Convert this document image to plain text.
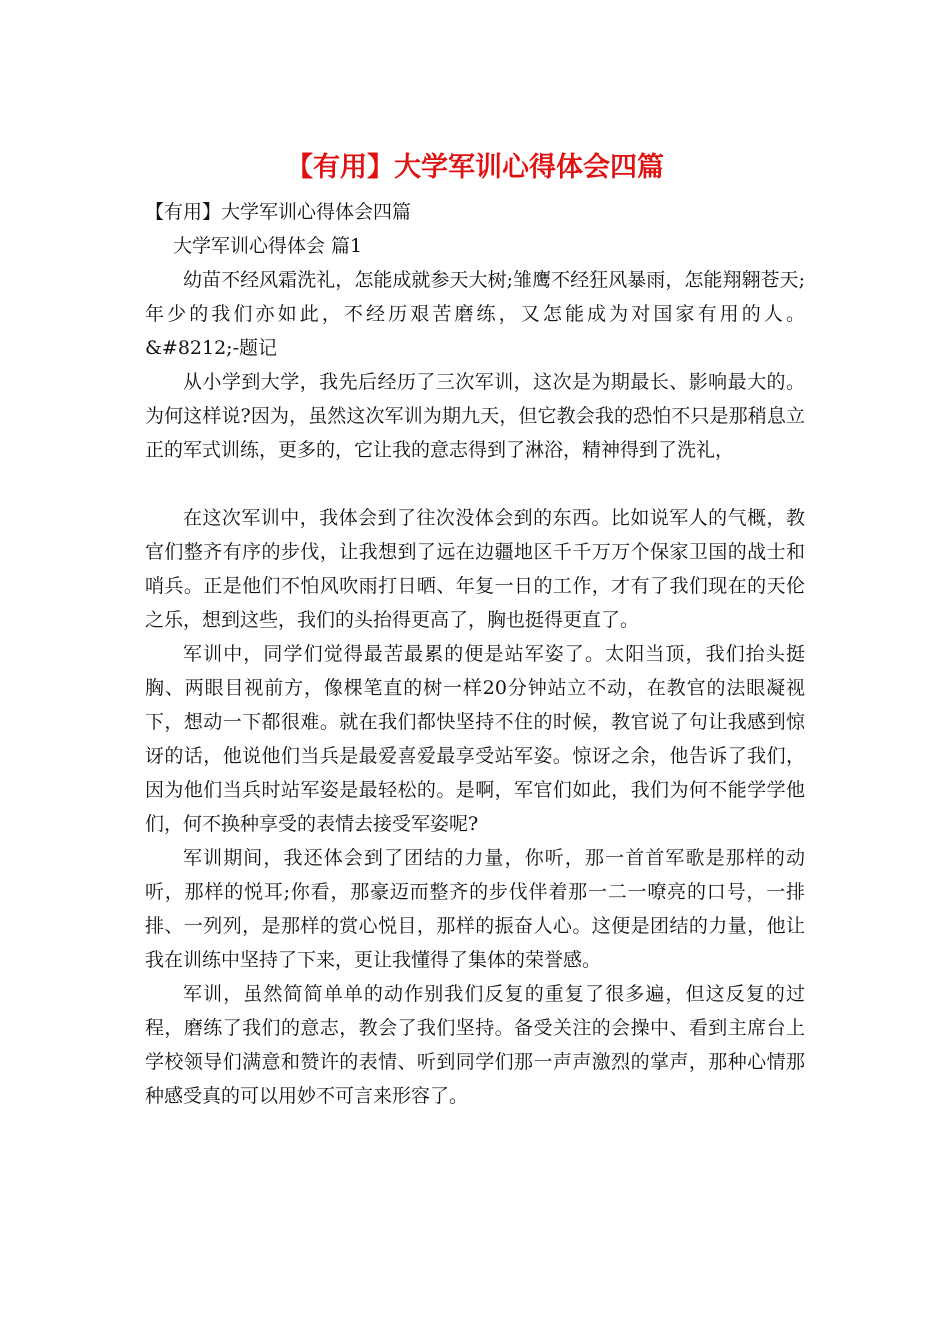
【有用】大学军训心得体会四篇

【有用】大学军训心得体会四篇

大学军训心得体会 篇1

幼苗不经风霜洗礼，怎能成就参天大树;雏鹰不经狂风暴雨，怎能翔翱苍天;年少的我们亦如此，不经历艰苦磨练，又怎能成为对国家有用的人。&#8212;-题记

从小学到大学，我先后经历了三次军训，这次是为期最长、影响最大的。为何这样说?因为，虽然这次军训为期九天，但它教会我的恐怕不只是那稍息立正的军式训练，更多的，它让我的意志得到了淋浴，精神得到了洗礼，

在这次军训中，我体会到了往次没体会到的东西。比如说军人的气概，教官们整齐有序的步伐，让我想到了远在边疆地区千千万万个保家卫国的战士和哨兵。正是他们不怕风吹雨打日晒、年复一日的工作，才有了我们现在的天伦之乐，想到这些，我们的头抬得更高了，胸也挺得更直了。

军训中，同学们觉得最苦最累的便是站军姿了。太阳当顶，我们抬头挺胸、两眼目视前方，像棵笔直的树一样20分钟站立不动，在教官的法眼凝视下，想动一下都很难。就在我们都快坚持不住的时候，教官说了句让我感到惊讶的话，他说他们当兵是最爱喜爱最享受站军姿。惊讶之余，他告诉了我们，因为他们当兵时站军姿是最轻松的。是啊，军官们如此，我们为何不能学学他们，何不换种享受的表情去接受军姿呢?

军训期间，我还体会到了团结的力量，你听，那一首首军歌是那样的动听，那样的悦耳;你看，那豪迈而整齐的步伐伴着那一二一嘹亮的口号，一排排、一列列，是那样的赏心悦目，那样的振奋人心。这便是团结的力量，他让我在训练中坚持了下来，更让我懂得了集体的荣誉感。

军训，虽然简简单单的动作别我们反复的重复了很多遍，但这反复的过程，磨练了我们的意志，教会了我们坚持。备受关注的会操中、看到主席台上学校领导们满意和赞许的表情、听到同学们那一声声激烈的掌声，那种心情那种感受真的可以用妙不可言来形容了。
